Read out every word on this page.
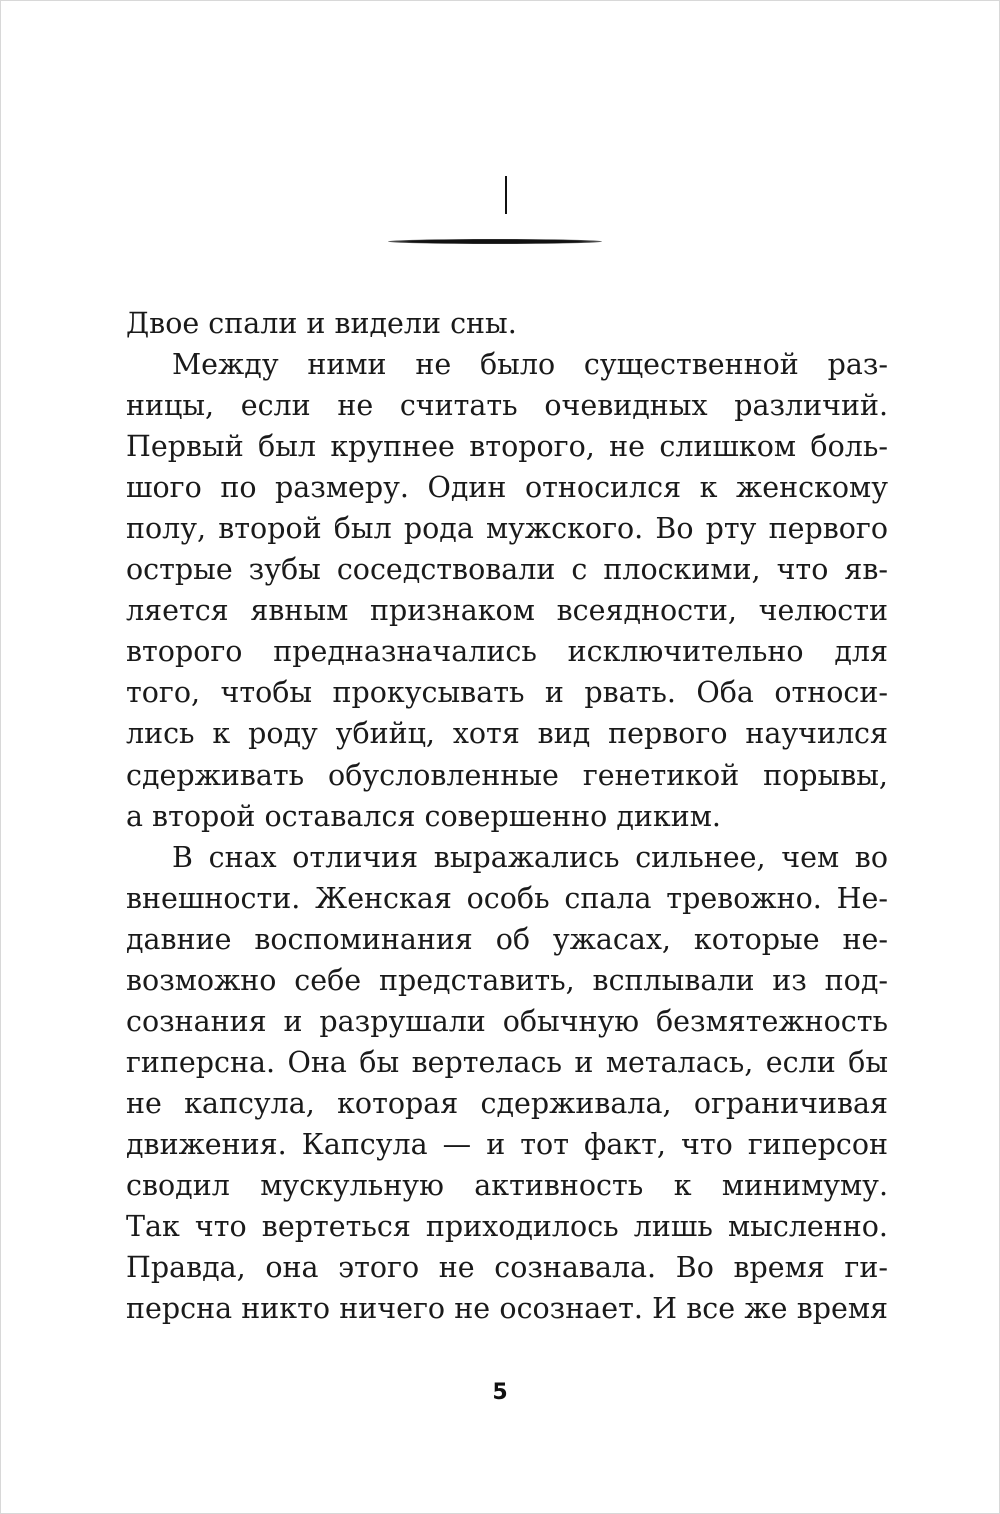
Двое спали и видели сны.
Между ними не было существенной раз-
ницы, если не считать очевидных различий.
Первый был крупнее второго, не слишком боль-
шого по размеру. Один относился к женскому
полу, второй был рода мужского. Во рту первого
острые зубы соседствовали с плоскими, что яв-
ляется явным признаком всеядности, челюсти
второго предназначались исключительно для
того, чтобы прокусывать и рвать. Оба относи-
лись к роду убийц, хотя вид первого научился
сдерживать обусловленные генетикой порывы,
а второй оставался совершенно диким.
В снах отличия выражались сильнее, чем во
внешности. Женская особь спала тревожно. Не-
давние воспоминания об ужасах, которые не-
возможно себе представить, всплывали из под-
сознания и разрушали обычную безмятежность
гиперсна. Она бы вертелась и металась, если бы
не капсула, которая сдерживала, ограничивая
движения. Капсула — и тот факт, что гиперсон
сводил мускульную активность к минимуму.
Так что вертеться приходилось лишь мысленно.
Правда, она этого не сознавала. Во время ги-
перcна никто ничего не осознает. И все же время
5
